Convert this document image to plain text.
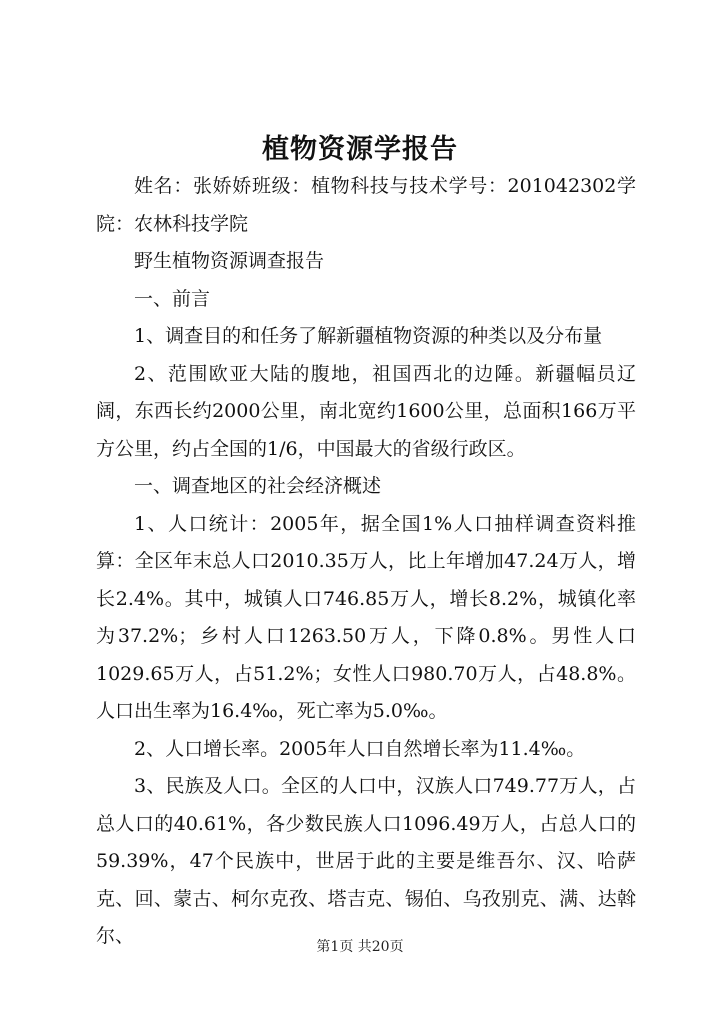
植物资源学报告

姓名：张娇娇班级：植物科技与技术学号：201042302学院：农林科技学院

野生植物资源调查报告

一、前言

1、调查目的和任务了解新疆植物资源的种类以及分布量

2、范围欧亚大陆的腹地，祖国西北的边陲。新疆幅员辽阔，东西长约2000公里，南北宽约1600公里，总面积166万平方公里，约占全国的1/6，中国最大的省级行政区。

一、调查地区的社会经济概述

1、人口统计：2005年，据全国1%人口抽样调查资料推算：全区年末总人口2010.35万人，比上年增加47.24万人，增长2.4%。其中，城镇人口746.85万人，增长8.2%，城镇化率为37.2%；乡村人口1263.50万人，下降0.8%。男性人口1029.65万人，占51.2%；女性人口980.70万人，占48.8%。人口出生率为16.4‰，死亡率为5.0‰。

2、人口增长率。2005年人口自然增长率为11.4‰。

3、民族及人口。全区的人口中，汉族人口749.77万人，占总人口的40.61%，各少数民族人口1096.49万人，占总人口的59.39%，47个民族中，世居于此的主要是维吾尔、汉、哈萨克、回、蒙古、柯尔克孜、塔吉克、锡伯、乌孜别克、满、达斡尔、	第1页 共20页
